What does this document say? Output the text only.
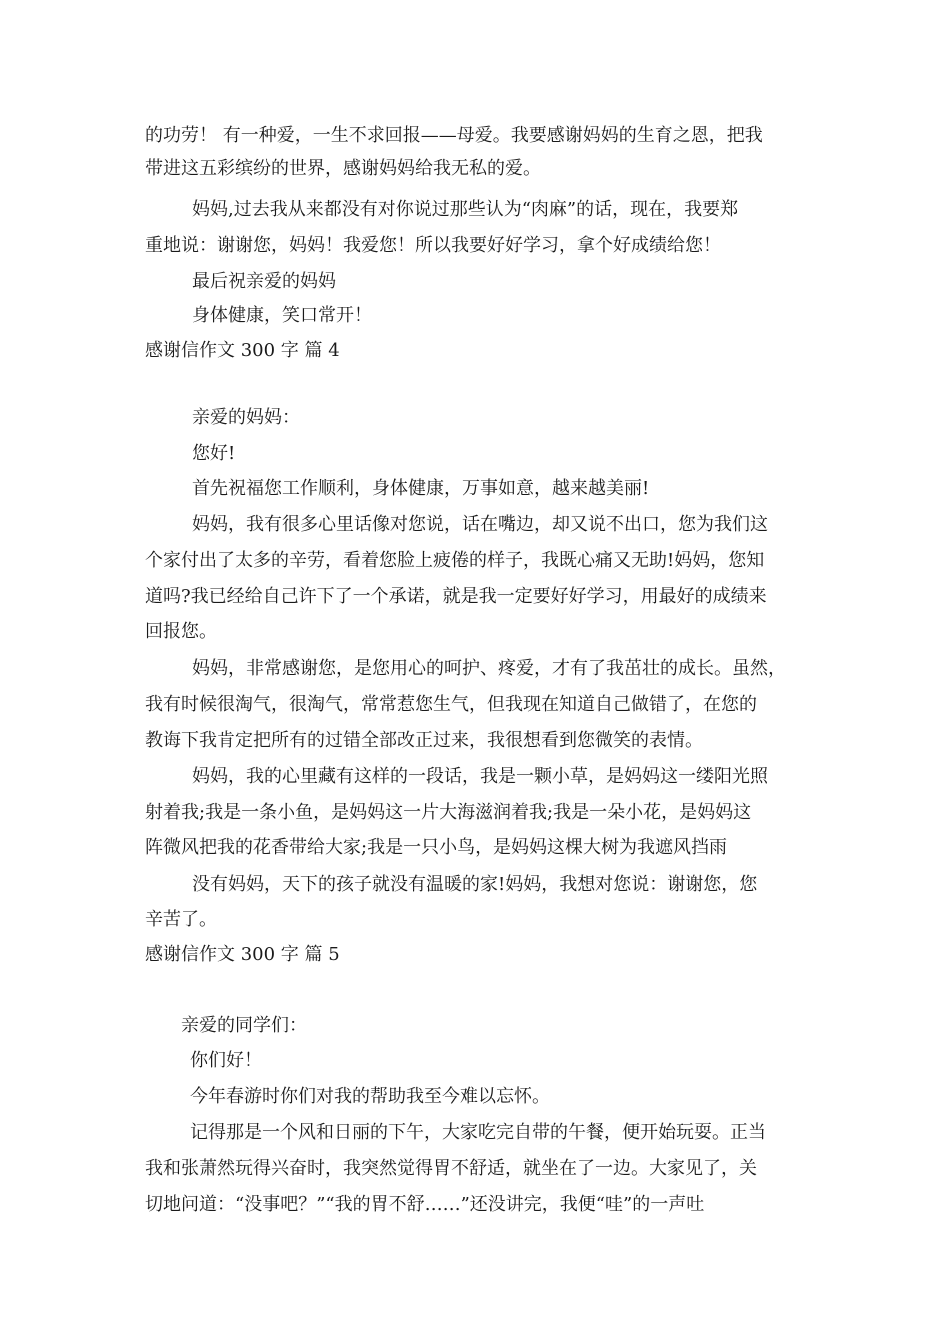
的功劳！ 有一种爱，一生不求回报——母爱。我要感谢妈妈的生育之恩，把我

带进这五彩缤纷的世界，感谢妈妈给我无私的爱。

妈妈,过去我从来都没有对你说过那些认为“肉麻”的话，现在，我要郑

重地说：谢谢您，妈妈！我爱您！所以我要好好学习，拿个好成绩给您！

最后祝亲爱的妈妈

身体健康，笑口常开！

感谢信作文 300 字 篇 4

亲爱的妈妈：

您好!

首先祝福您工作顺利，身体健康，万事如意，越来越美丽!

妈妈，我有很多心里话像对您说，话在嘴边，却又说不出口，您为我们这

个家付出了太多的辛劳，看着您脸上疲倦的样子，我既心痛又无助!妈妈，您知

道吗?我已经给自己许下了一个承诺，就是我一定要好好学习，用最好的成绩来

回报您。

妈妈，非常感谢您，是您用心的呵护、疼爱，才有了我茁壮的成长。虽然，

我有时候很淘气，很淘气，常常惹您生气，但我现在知道自己做错了，在您的

教诲下我肯定把所有的过错全部改正过来，我很想看到您微笑的表情。

妈妈，我的心里藏有这样的一段话，我是一颗小草，是妈妈这一缕阳光照

射着我;我是一条小鱼，是妈妈这一片大海滋润着我;我是一朵小花，是妈妈这

阵微风把我的花香带给大家;我是一只小鸟，是妈妈这棵大树为我遮风挡雨

没有妈妈，天下的孩子就没有温暖的家!妈妈，我想对您说：谢谢您，您

辛苦了。

感谢信作文 300 字 篇 5

亲爱的同学们：

你们好！

今年春游时你们对我的帮助我至今难以忘怀。

记得那是一个风和日丽的下午，大家吃完自带的午餐，便开始玩耍。正当

我和张萧然玩得兴奋时，我突然觉得胃不舒适，就坐在了一边。大家见了，关

切地问道：“没事吧？”“我的胃不舒……”还没讲完，我便“哇”的一声吐
